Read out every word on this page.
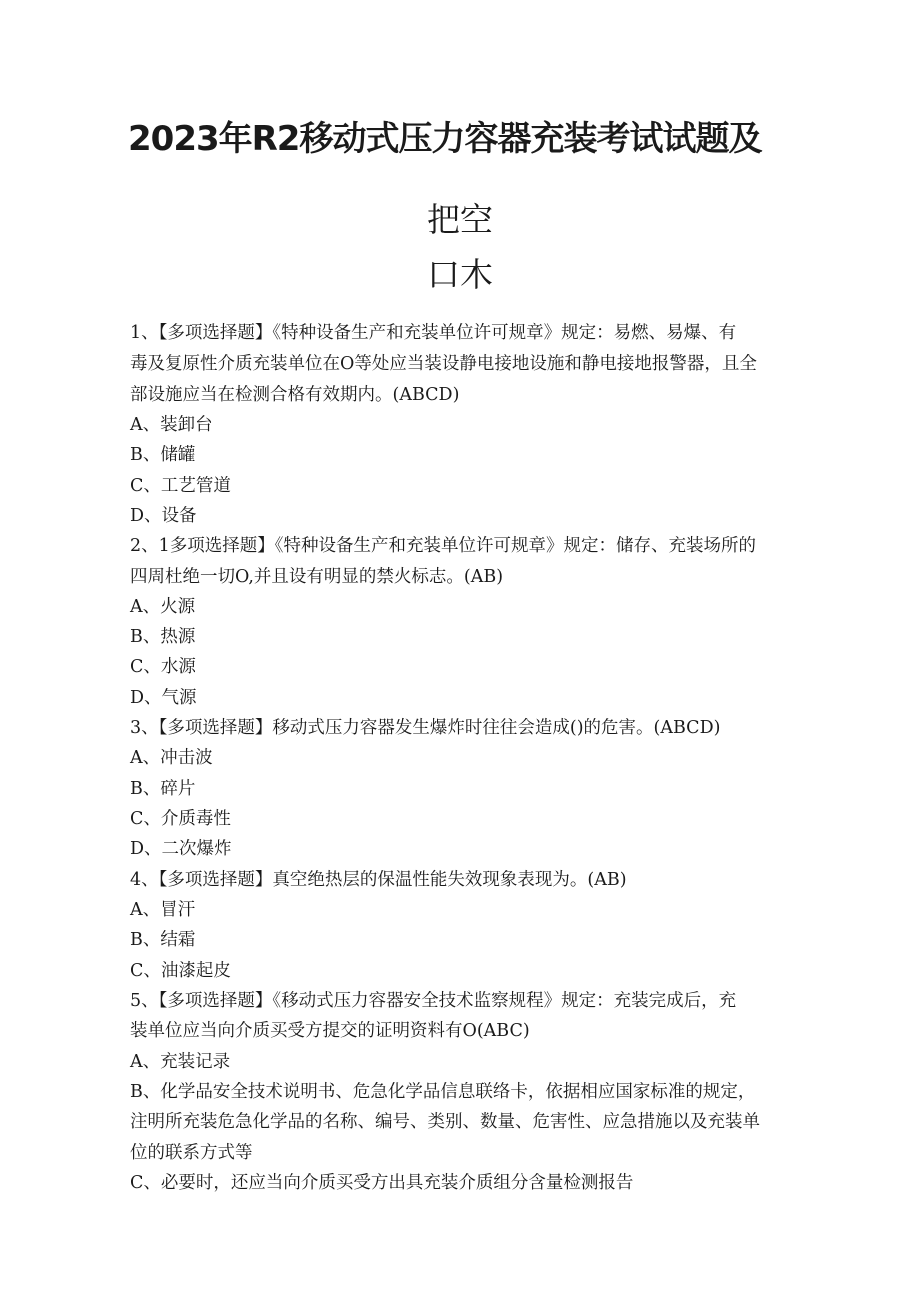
2023年R2移动式压力容器充装考试试题及
把空
口木
1、【多项选择题】《特种设备生产和充装单位许可规章》规定：易燃、易爆、有
毒及复原性介质充装单位在O等处应当装设静电接地设施和静电接地报警器，且全
部设施应当在检测合格有效期内。(ABCD)
A、装卸台
B、储罐
C、工艺管道
D、设备
2、1多项选择题】《特种设备生产和充装单位许可规章》规定：储存、充装场所的
四周杜绝一切O,并且设有明显的禁火标志。(AB)
A、火源
B、热源
C、水源
D、气源
3、【多项选择题】移动式压力容器发生爆炸时往往会造成()的危害。(ABCD)
A、冲击波
B、碎片
C、介质毒性
D、二次爆炸
4、【多项选择题】真空绝热层的保温性能失效现象表现为。(AB)
A、冒汗
B、结霜
C、油漆起皮
5、【多项选择题】《移动式压力容器安全技术监察规程》规定：充装完成后，充
装单位应当向介质买受方提交的证明资料有O(ABC)
A、充装记录
B、化学品安全技术说明书、危急化学品信息联络卡，依据相应国家标准的规定，
注明所充装危急化学品的名称、编号、类别、数量、危害性、应急措施以及充装单
位的联系方式等
C、必要时，还应当向介质买受方出具充装介质组分含量检测报告
